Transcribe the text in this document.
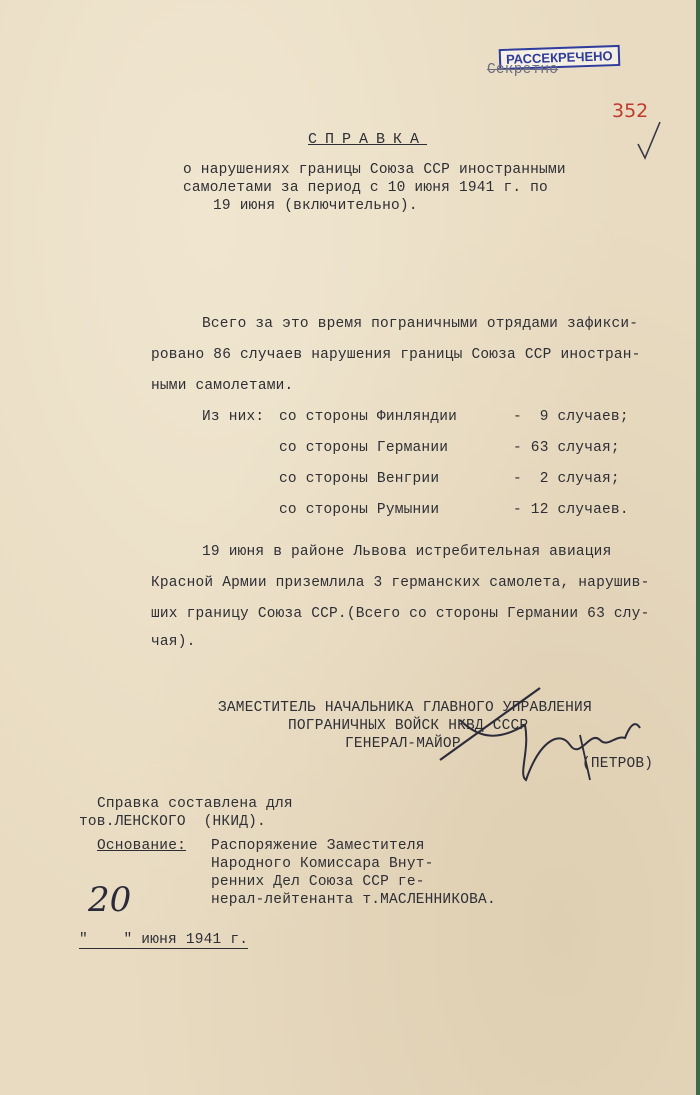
РАССЕКРЕЧЕНО
Секретно
352
СПРАВКА
о нарушениях границы Союза ССР иностранными
самолетами за период с 10 июня 1941 г. по
19 июня (включительно).
Всего за это время пограничными отрядами зафикси-
ровано 86 случаев нарушения границы Союза ССР иностран-
ными самолетами.
Из них: со стороны Финляндии	-  9 случаев;
со стороны Германии	- 63 случая;
со стороны Венгрии	-  2 случая;
со стороны Румынии	- 12 случаев.
19 июня в районе Львова истребительная авиация
Красной Армии приземлила 3 германских самолета, нарушив-
ших границу Союза ССР.(Всего со стороны Германии 63 слу-
чая).
ЗАМЕСТИТЕЛЬ НАЧАЛЬНИКА ГЛАВНОГО УПРАВЛЕНИЯ
ПОГРАНИЧНЫХ ВОЙСК НКВД СССР
ГЕНЕРАЛ-МАЙОР
(ПЕТРОВ)
Справка составлена для
тов.ЛЕНСКОГО  (НКИД).
Основание: Распоряжение Заместителя
Народного Комиссара Внут-
ренних Дел Союза ССР ге-
нерал-лейтенанта т.МАСЛЕННИКОВА.
20
"    " июня 1941 г.
